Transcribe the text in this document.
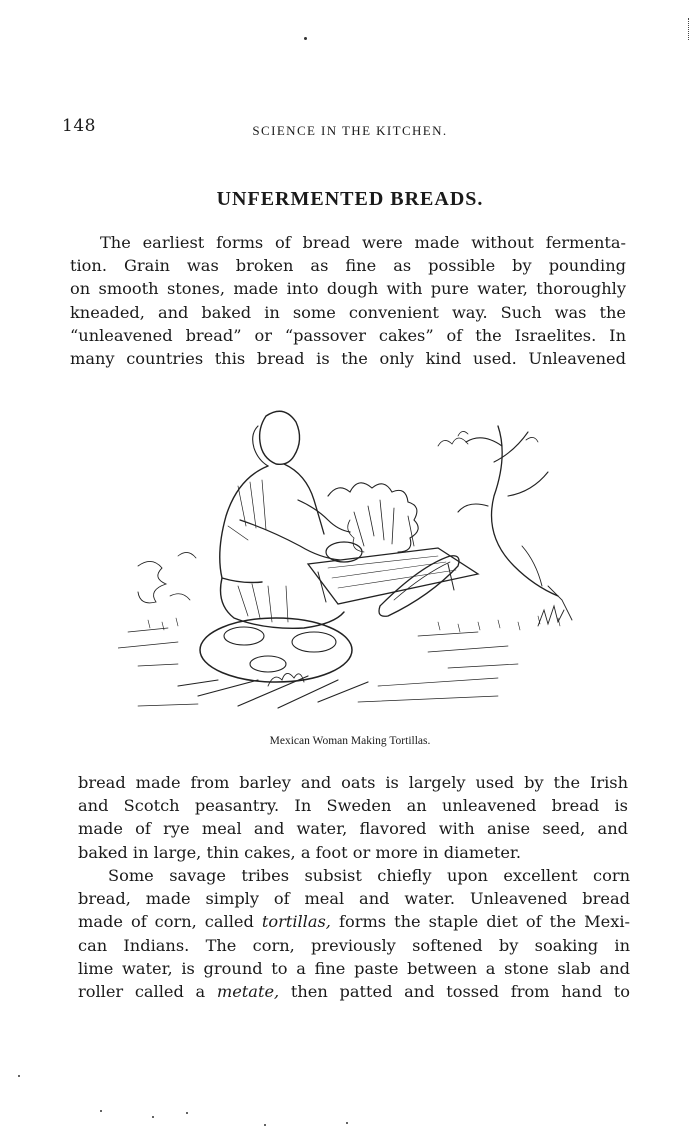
148	SCIENCE IN THE KITCHEN.
UNFERMENTED BREADS.

The earliest forms of bread were made without fermenta-
tion. Grain was broken as fine as possible by pounding
on smooth stones, made into dough with pure water, thoroughly
kneaded, and baked in some convenient way. Such was the
“unleavened bread” or “passover cakes” of the Israelites. In
many countries this bread is the only kind used. Unleavened

Mexican Woman Making Tortillas.

bread made from barley and oats is largely used by the Irish
and Scotch peasantry. In Sweden an unleavened bread is
made of rye meal and water, flavored with anise seed, and
baked in large, thin cakes, a foot or more in diameter.

Some savage tribes subsist chiefly upon excellent corn
bread, made simply of meal and water. Unleavened bread
made of corn, called tortillas, forms the staple diet of the Mexi-
can Indians. The corn, previously softened by soaking in
lime water, is ground to a fine paste between a stone slab and
roller called a metate, then patted and tossed from hand to
